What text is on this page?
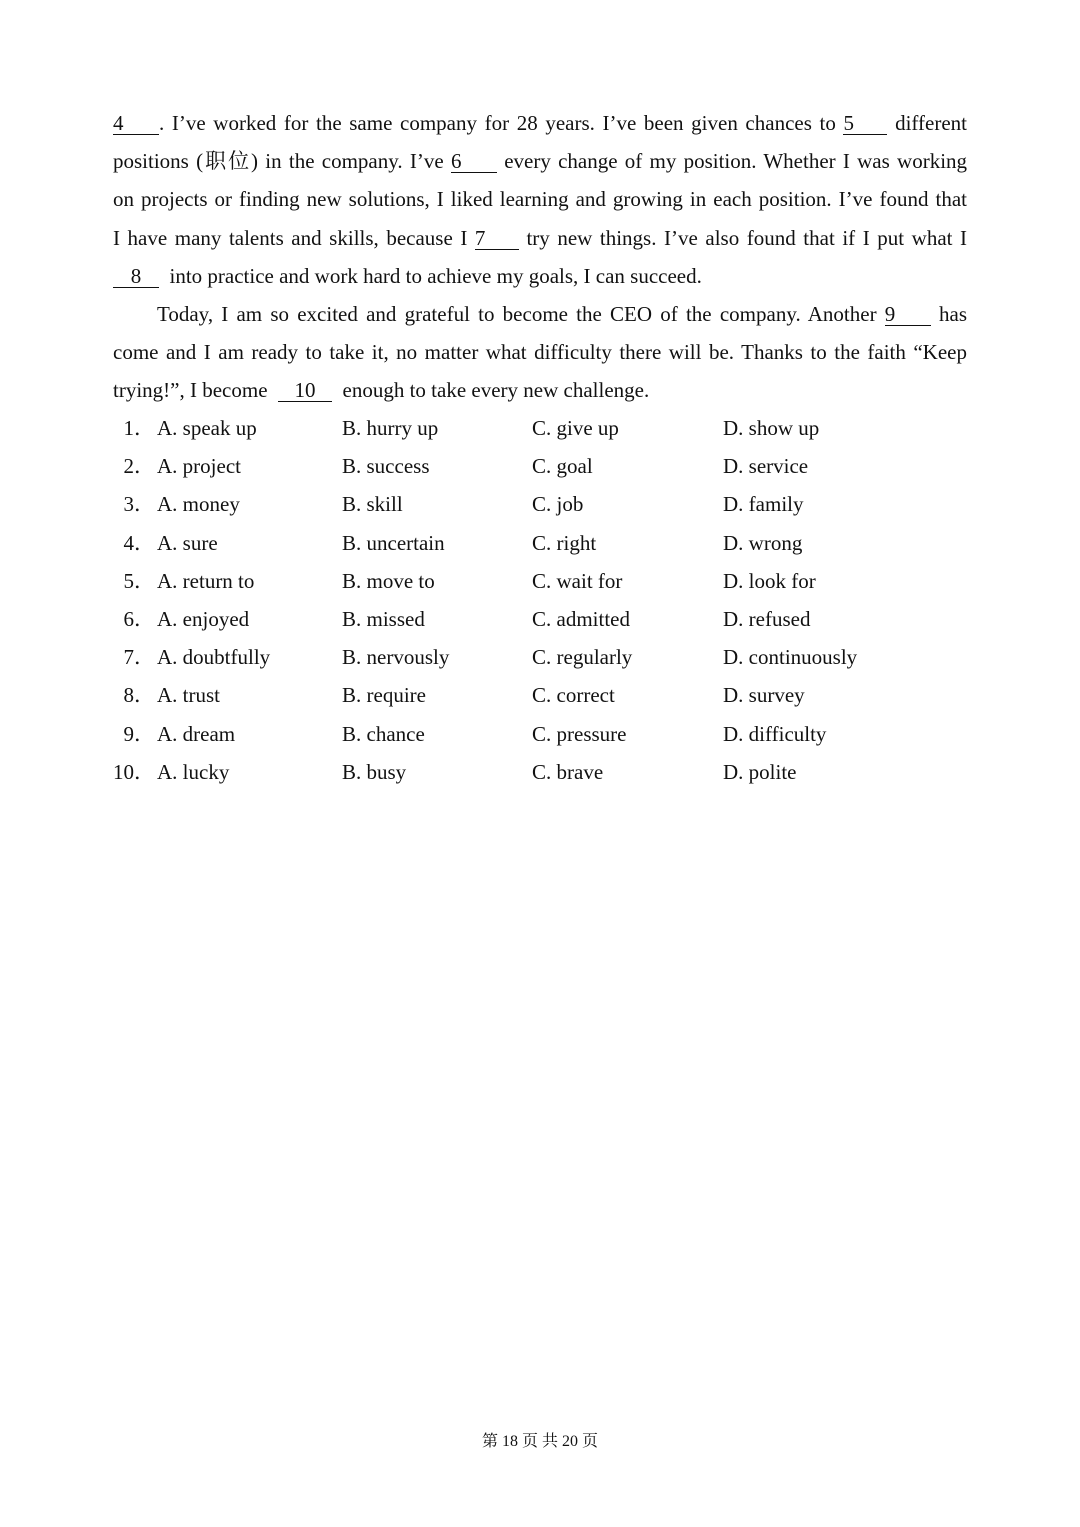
4 . I’ve worked for the same company for 28 years. I’ve been given chances to 5 different
positions (职位) in the company. I’ve 6 every change of my position. Whether I was working
on projects or finding new solutions, I liked learning and growing in each position. I’ve found that
I have many talents and skills, because I 7 try new things. I’ve also found that if I put what I
8 into practice and work hard to achieve my goals, I can succeed.
Today, I am so excited and grateful to become the CEO of the company. Another 9 has
come and I am ready to take it, no matter what difficulty there will be. Thanks to the faith “Keep
trying!”, I become 10 enough to take every new challenge.
1． A. speak up	B. hurry up	C. give up	D. show up
2． A. project	B. success	C. goal	D. service
3． A. money	B. skill	C. job	D. family
4． A. sure	B. uncertain	C. right	D. wrong
5． A. return to	B. move to	C. wait for	D. look for
6． A. enjoyed	B. missed	C. admitted	D. refused
7． A. doubtfully	B. nervously	C. regularly	D. continuously
8． A. trust	B. require	C. correct	D. survey
9． A. dream	B. chance	C. pressure	D. difficulty
10． A. lucky	B. busy	C. brave	D. polite
第 18 页 共 20 页
